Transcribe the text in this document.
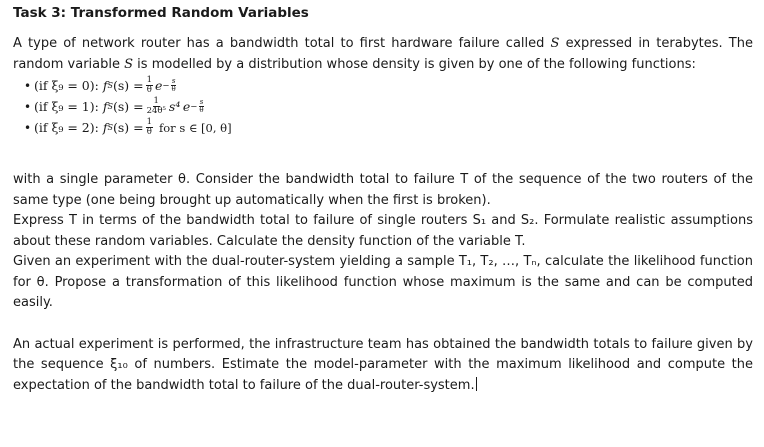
Task 3: Transformed Random Variables

A type of network router has a bandwidth total to first hardware failure called S expressed in terabytes. The random variable S is modelled by a distribution whose density is given by one of the following functions:

• (if ξ₉ = 0):
f S $(s) = \frac{1}{\theta}$ $e - \frac{s}{\theta}$
• (if ξ₉ = 1):
f S $(s) = \frac{1}{\text{24θ⁵}} s^4$
  $e - \frac{s}{\theta}$
• (if ξ₉ = 2):
f S $(s) = \frac{1}{\theta}$
for s ∈ [0, θ]

with a single parameter θ. Consider the bandwidth total to failure T of the sequence of the two routers of the same type (one being brought up automatically when the first is broken).

Express T in terms of the bandwidth total to failure of single routers S₁ and S₂. Formulate realistic assumptions about these random variables. Calculate the density function of the variable T.

Given an experiment with the dual-router-system yielding a sample T₁, T₂, …, Tₙ, calculate the likelihood function for θ. Propose a transformation of this likelihood function whose maximum is the same and can be computed easily.

An actual experiment is performed, the infrastructure team has obtained the bandwidth totals to failure given by the sequence ξ₁₀ of numbers. Estimate the model-parameter with the maximum likelihood and compute the expectation of the bandwidth total to failure of the dual-router-system.
